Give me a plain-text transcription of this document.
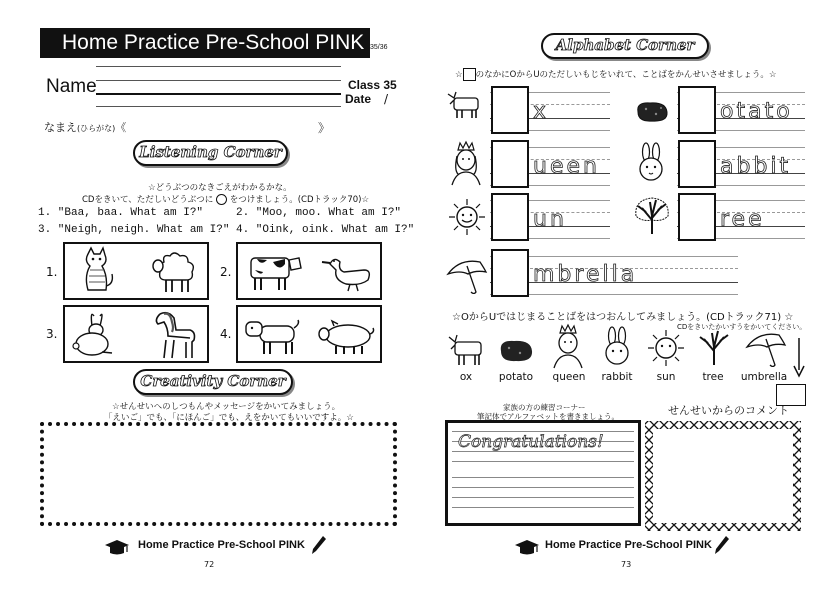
Home Practice Pre-School PINK 35/36
Name	Class 35
Date /
なまえ(ひらがな)《	》
Listening Corner
☆どうぶつのなきごえがわかるかな。
CDをきいて、ただしいどうぶつに ○ をつけましょう。(CDトラック70)☆
1. "Baa, baa. What am I?"	2. "Moo, moo. What am I?"
3. "Neigh, neigh. What am I?" 4. "Oink, oink. What am I?"
1.	2.
3.	4.
Creativity Corner
☆せんせいへのしつもんやメッセージをかいてみましょう。
「えいご」でも、「にほんご」でも、えをかいてもいいですよ。☆
Home Practice Pre-School PINK
72
Alphabet Corner
☆ のなかにOからUのただしいもじをいれて、ことばをかんせいさせましょう。☆
x	otato
ueen	abbit
un	ree
mbrella
☆OからUではじまることばをはつおんしてみましょう。(CDトラック71) ☆
CDをきいたかいすうをかいてください。
ox	potato	queen	rabbit	sun	tree	umbrella
家族の方の練習コーナー
筆記体でアルファベットを書きましょう。
Congratulations!
せんせいからのコメント
Home Practice Pre-School PINK
73
